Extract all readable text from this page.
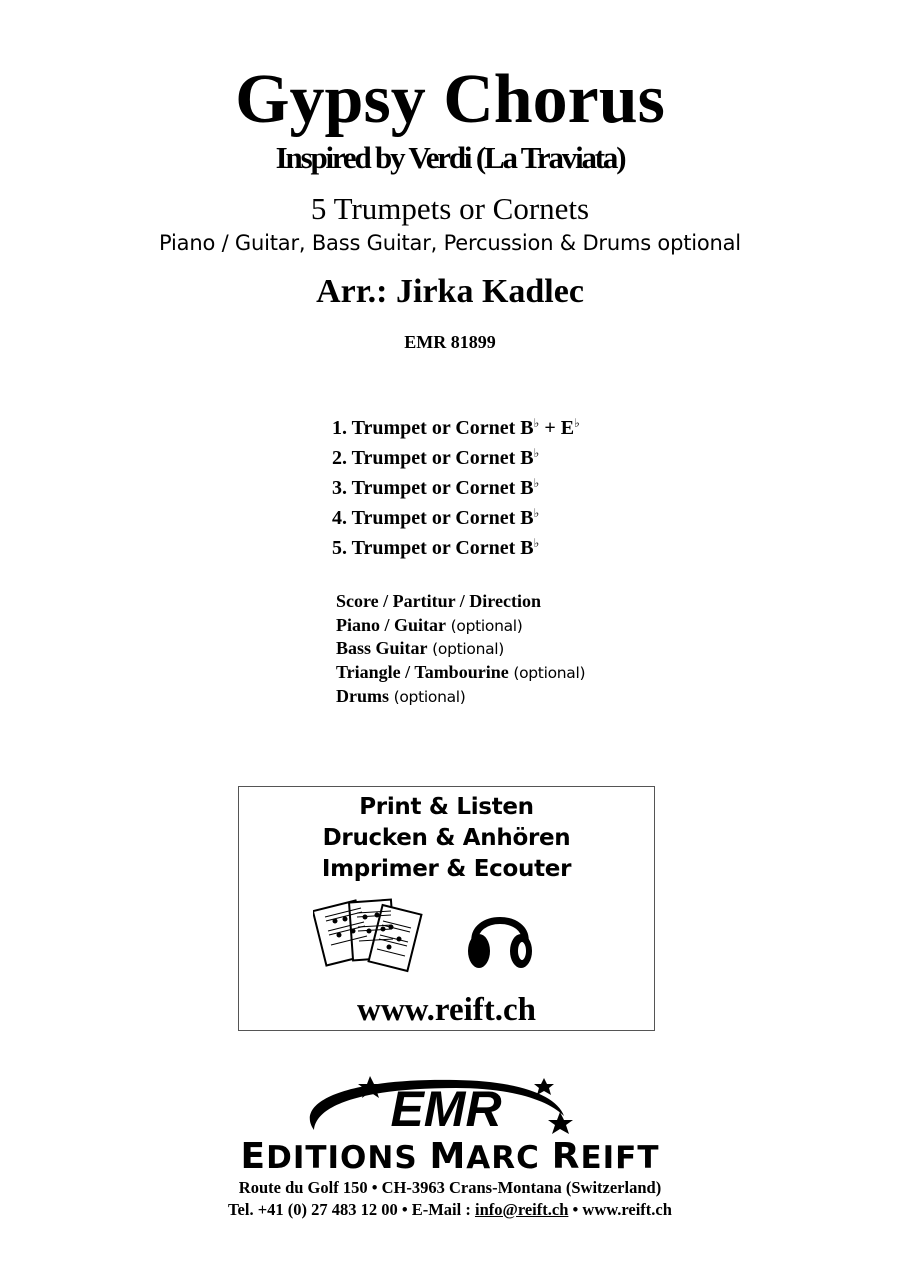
Gypsy Chorus
Inspired by Verdi (La Traviata)
5 Trumpets or Cornets
Piano / Guitar, Bass Guitar, Percussion & Drums optional
Arr.: Jirka Kadlec
EMR 81899
1. Trumpet or Cornet B♭ + E♭
2. Trumpet or Cornet B♭
3. Trumpet or Cornet B♭
4. Trumpet or Cornet B♭
5. Trumpet or Cornet B♭
Score / Partitur / Direction
Piano / Guitar (optional)
Bass Guitar (optional)
Triangle / Tambourine (optional)
Drums (optional)
Print & Listen
Drucken & Anhören
Imprimer & Ecouter
www.reift.ch
EMR
EDITIONS MARC REIFT
Route du Golf 150 • CH-3963 Crans-Montana (Switzerland)
Tel. +41 (0) 27 483 12 00 • E-Mail : info@reift.ch • www.reift.ch
